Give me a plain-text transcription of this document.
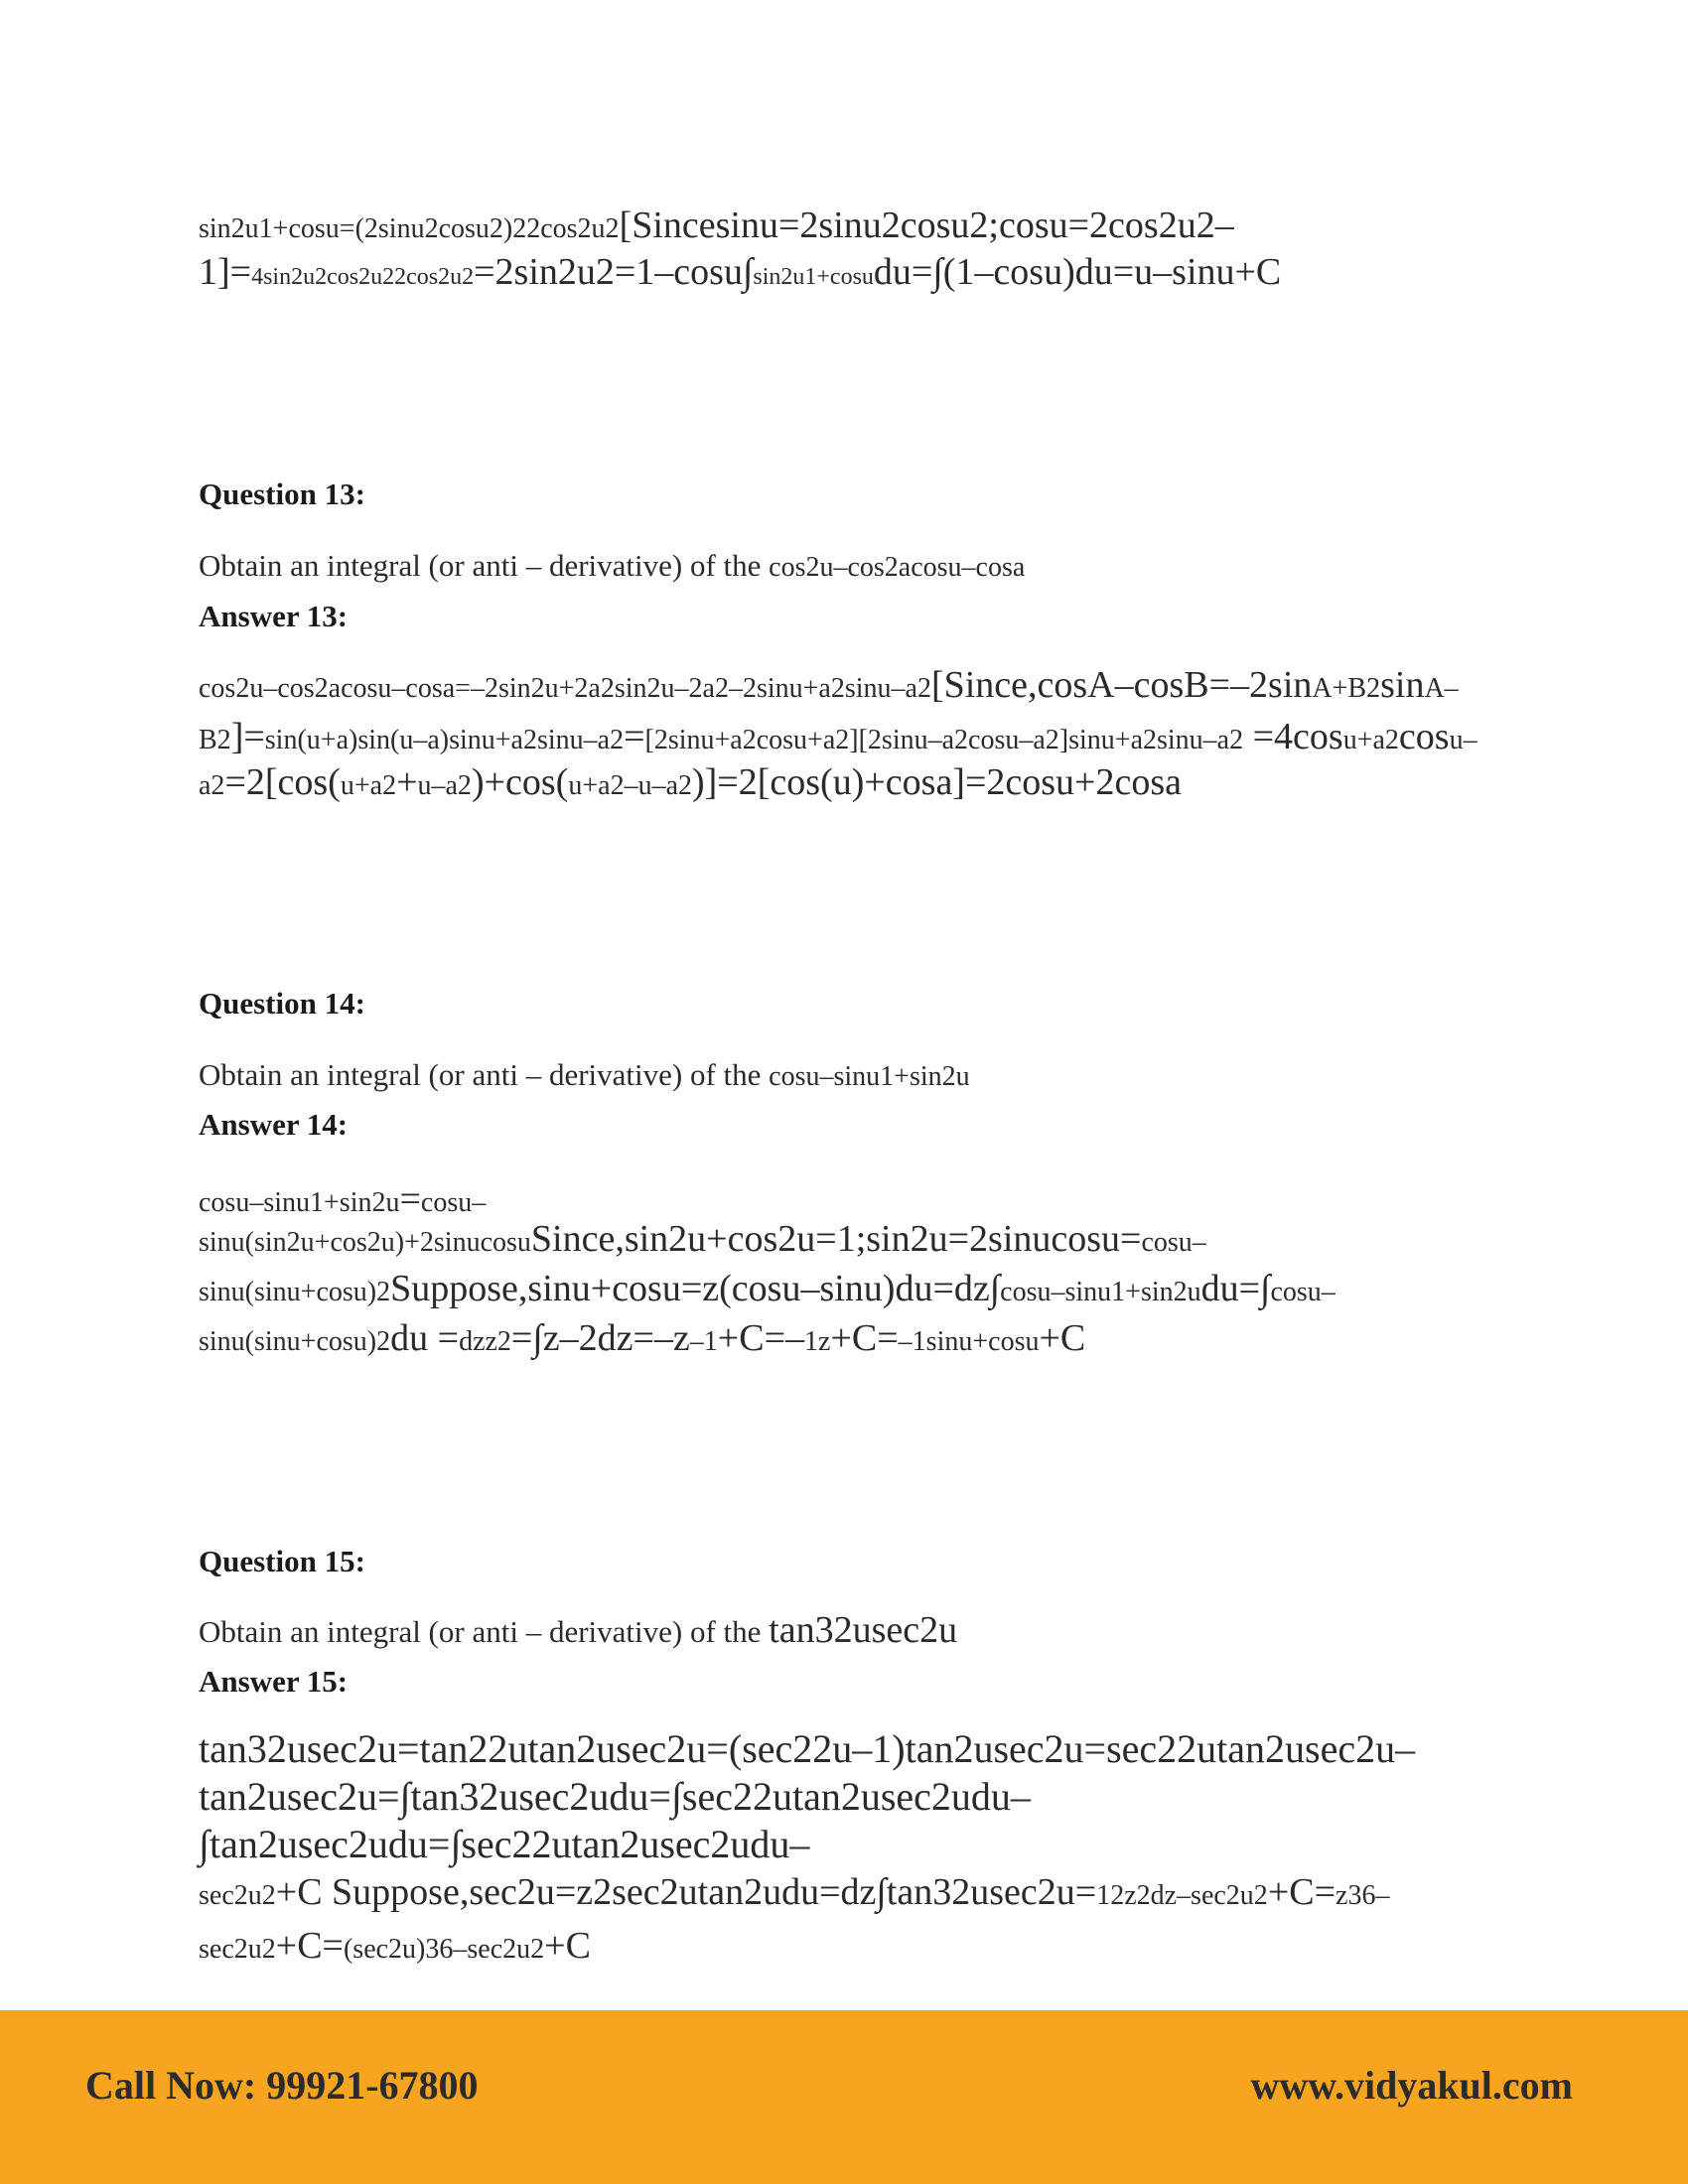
sin2u1+cosu=(2sinu2cosu2)22cos2u2[Sincesinu=2sinu2cosu2;cosu=2cos2u2–
1]=4sin2u2cos2u22cos2u2=2sin2u2=1–cosu∫sin2u1+cosudu=∫(1–cosu)du=u–sinu+C
Question 13:
Obtain an integral (or anti – derivative) of the cos2u–cos2acosu–cosa
Answer 13:
cos2u–cos2acosu–cosa=–2sin2u+2a2sin2u–2a2–2sinu+a2sinu–a2[Since,cosA–cosB=–2sinA+B2sinA–
B2]=sin(u+a)sin(u–a)sinu+a2sinu–a2=[2sinu+a2cosu+a2][2sinu–a2cosu–a2]sinu+a2sinu–a2 =4cosu+a2cosu–
a2=2[cos(u+a2+u–a2)+cos(u+a2–u–a2)]=2[cos(u)+cosa]=2cosu+2cosa
Question 14:
Obtain an integral (or anti – derivative) of the cosu–sinu1+sin2u
Answer 14:
cosu–sinu1+sin2u=cosu–
sinu(sin2u+cos2u)+2sinucosuSince,sin2u+cos2u=1;sin2u=2sinucosu=cosu–
sinu(sinu+cosu)2Suppose,sinu+cosu=z(cosu–sinu)du=dz∫cosu–sinu1+sin2udu=∫cosu–
sinu(sinu+cosu)2du =dzz2=∫z–2dz=–z–1+C=–1z+C=–1sinu+cosu+C
Question 15:
Obtain an integral (or anti – derivative) of the tan32usec2u
Answer 15:
tan32usec2u=tan22utan2usec2u=(sec22u–1)tan2usec2u=sec22utan2usec2u–
tan2usec2u=∫tan32usec2udu=∫sec22utan2usec2udu–
∫tan2usec2udu=∫sec22utan2usec2udu–
sec2u2+C Suppose,sec2u=z2sec2utan2udu=dz∫tan32usec2u=12z2dz–sec2u2+C=z36–
sec2u2+C=(sec2u)36–sec2u2+C
Call Now: 99921-67800	www.vidyakul.com
